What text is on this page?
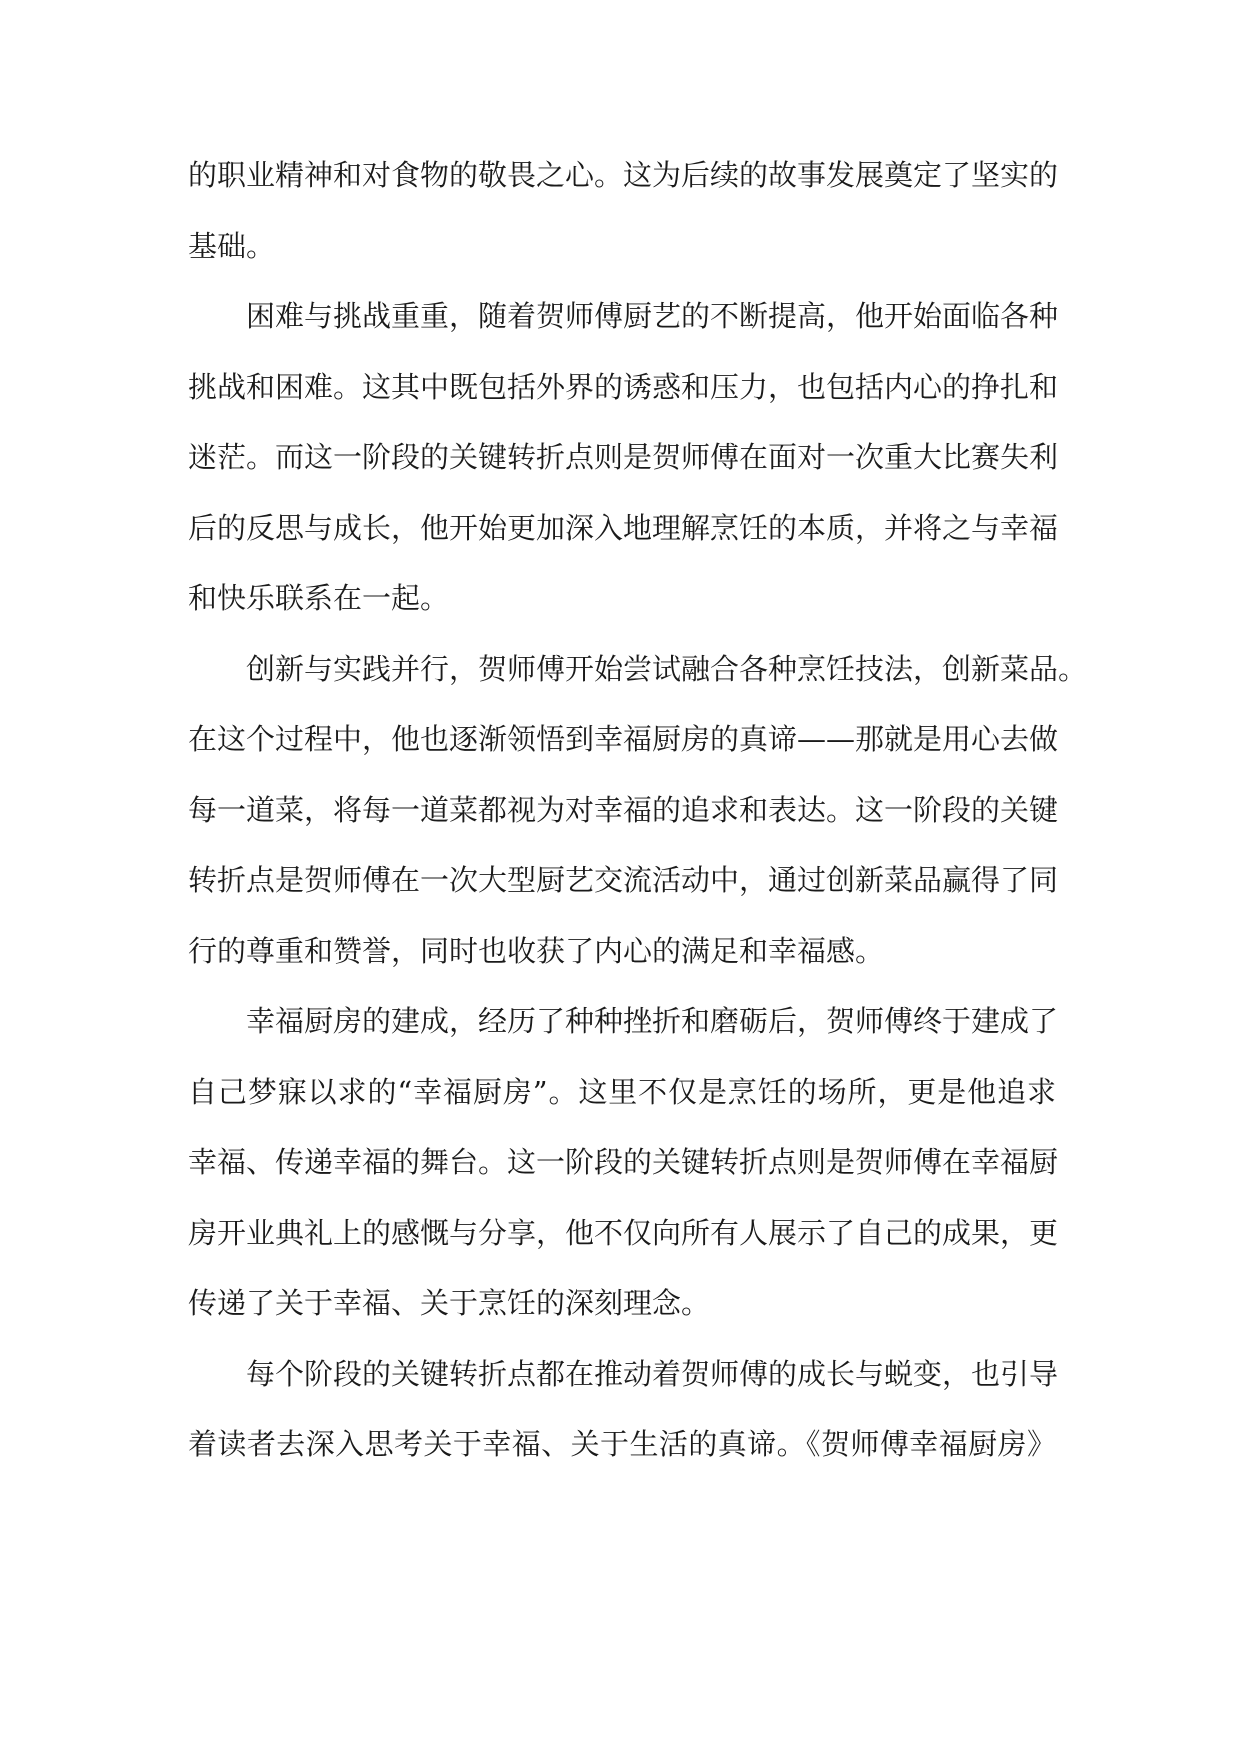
的职业精神和对食物的敬畏之心。这为后续的故事发展奠定了坚实的
基础。
困难与挑战重重，随着贺师傅厨艺的不断提高，他开始面临各种
挑战和困难。这其中既包括外界的诱惑和压力，也包括内心的挣扎和
迷茫。而这一阶段的关键转折点则是贺师傅在面对一次重大比赛失利
后的反思与成长，他开始更加深入地理解烹饪的本质，并将之与幸福
和快乐联系在一起。
创新与实践并行，贺师傅开始尝试融合各种烹饪技法，创新菜品。
在这个过程中，他也逐渐领悟到幸福厨房的真谛——那就是用心去做
每一道菜，将每一道菜都视为对幸福的追求和表达。这一阶段的关键
转折点是贺师傅在一次大型厨艺交流活动中，通过创新菜品赢得了同
行的尊重和赞誉，同时也收获了内心的满足和幸福感。
幸福厨房的建成，经历了种种挫折和磨砺后，贺师傅终于建成了
自己梦寐以求的“幸福厨房”。这里不仅是烹饪的场所，更是他追求
幸福、传递幸福的舞台。这一阶段的关键转折点则是贺师傅在幸福厨
房开业典礼上的感慨与分享，他不仅向所有人展示了自己的成果，更
传递了关于幸福、关于烹饪的深刻理念。
每个阶段的关键转折点都在推动着贺师傅的成长与蜕变，也引导
着读者去深入思考关于幸福、关于生活的真谛。《贺师傅幸福厨房》
